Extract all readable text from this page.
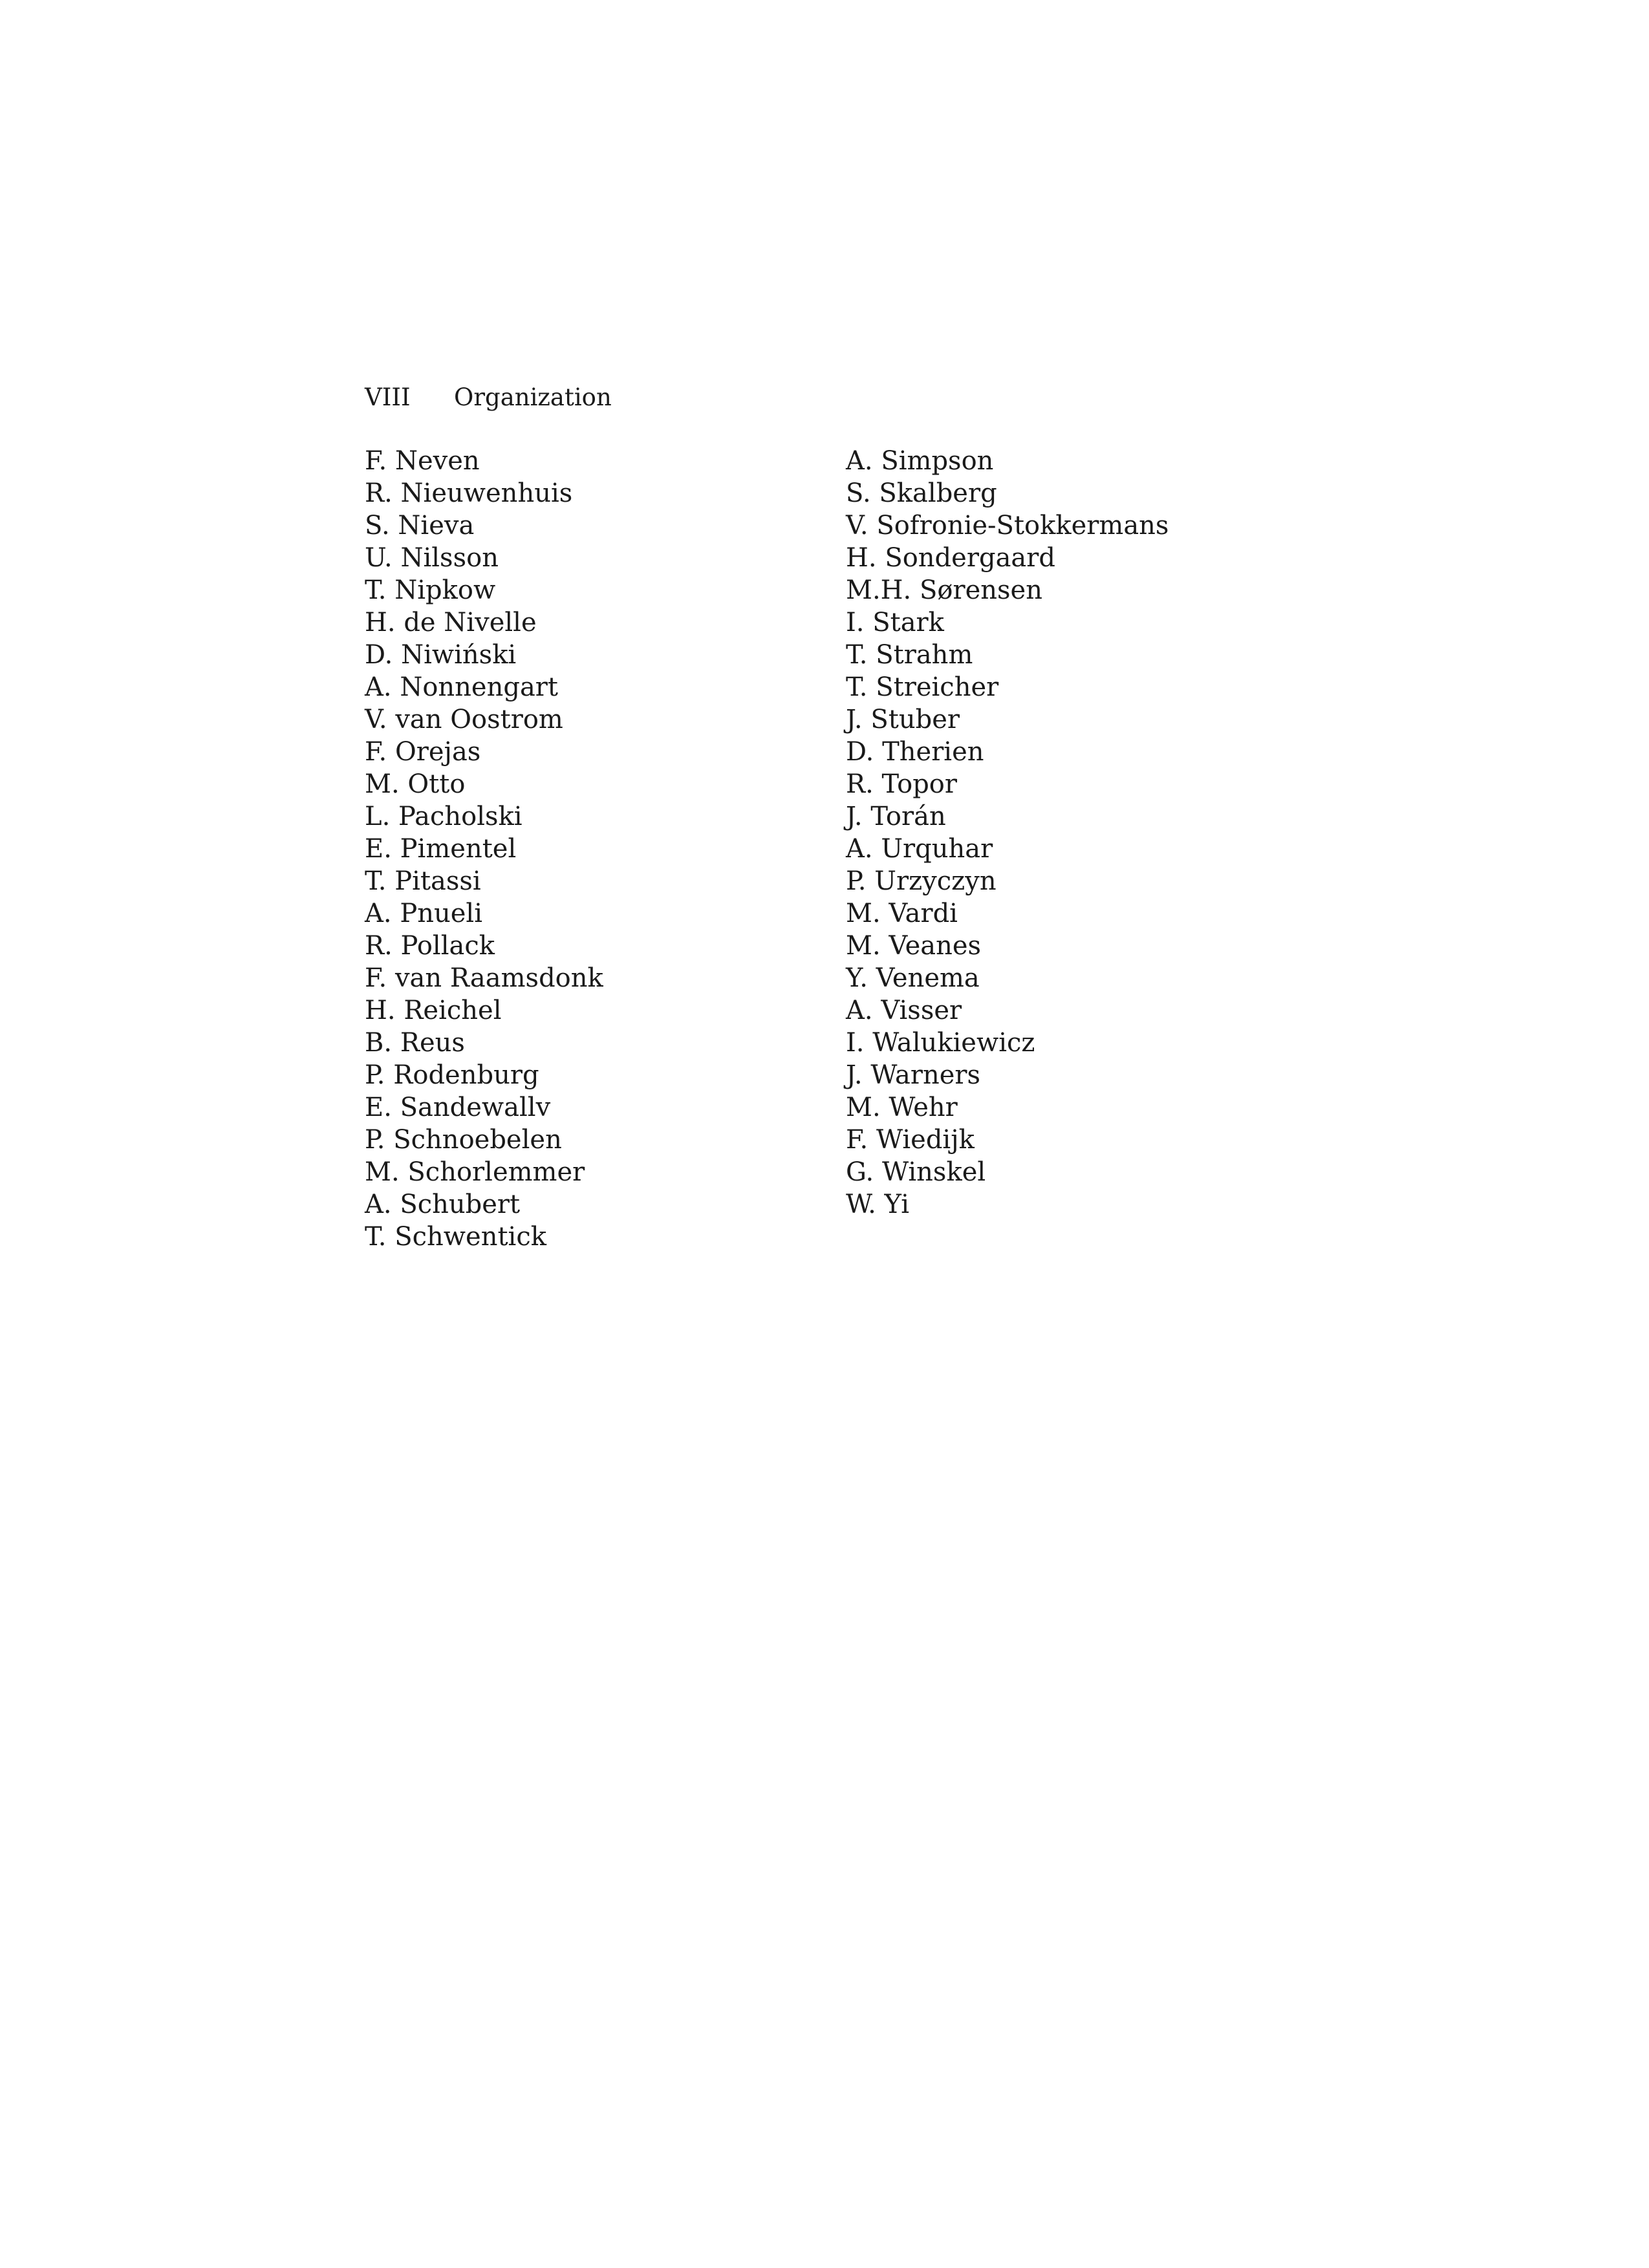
VIII	Organization
F. Neven
R. Nieuwenhuis
S. Nieva
U. Nilsson
T. Nipkow
H. de Nivelle
D. Niwiński
A. Nonnengart
V. van Oostrom
F. Orejas
M. Otto
L. Pacholski
E. Pimentel
T. Pitassi
A. Pnueli
R. Pollack
F. van Raamsdonk
H. Reichel
B. Reus
P. Rodenburg
E. Sandewallv
P. Schnoebelen
M. Schorlemmer
A. Schubert
T. Schwentick
A. Simpson
S. Skalberg
V. Sofronie-Stokkermans
H. Sondergaard
M.H. Sørensen
I. Stark
T. Strahm
T. Streicher
J. Stuber
D. Therien
R. Topor
J. Torán
A. Urquhar
P. Urzyczyn
M. Vardi
M. Veanes
Y. Venema
A. Visser
I. Walukiewicz
J. Warners
M. Wehr
F. Wiedijk
G. Winskel
W. Yi
